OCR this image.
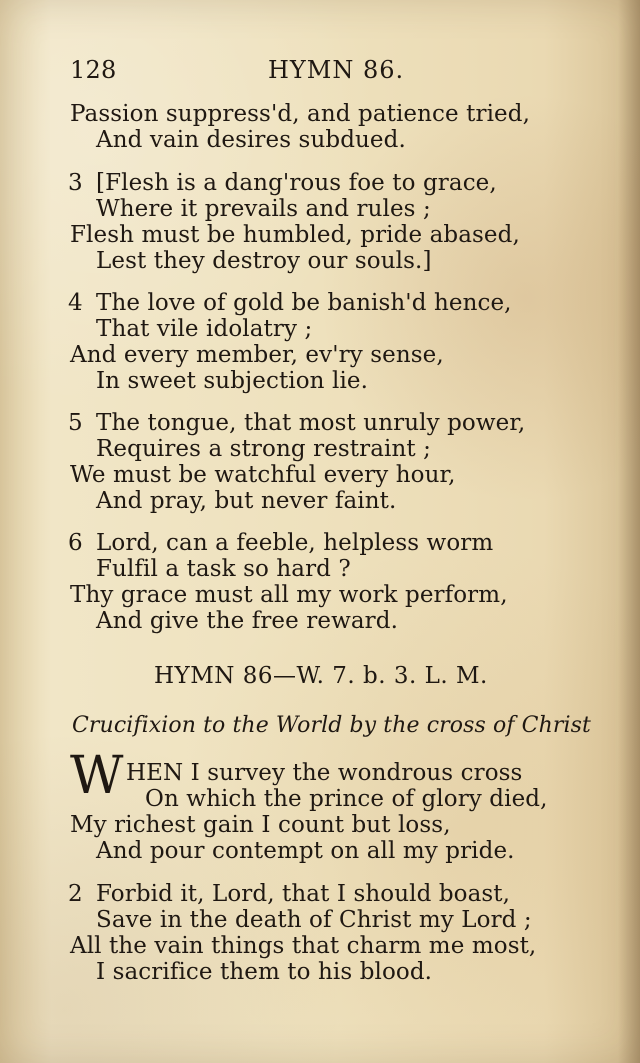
128	HYMN 86.
Passion suppress'd, and patience tried,
And vain desires subdued.
3 [Flesh is a dang'rous foe to grace,
Where it prevails and rules ;
Flesh must be humbled, pride abased,
Lest they destroy our souls.]
4 The love of gold be banish'd hence,
That vile idolatry ;
And every member, ev'ry sense,
In sweet subjection lie.
5 The tongue, that most unruly power,
Requires a strong restraint ;
We must be watchful every hour,
And pray, but never faint.
6 Lord, can a feeble, helpless worm
Fulfil a task so hard ?
Thy grace must all my work perform,
And give the free reward.
HYMN 86—W. 7. b. 3. L. M.
Crucifixion to the World by the cross of Christ
W HEN I survey the wondrous cross
On which the prince of glory died,
My richest gain I count but loss,
And pour contempt on all my pride.
2 Forbid it, Lord, that I should boast,
Save in the death of Christ my Lord ;
All the vain things that charm me most,
I sacrifice them to his blood.
